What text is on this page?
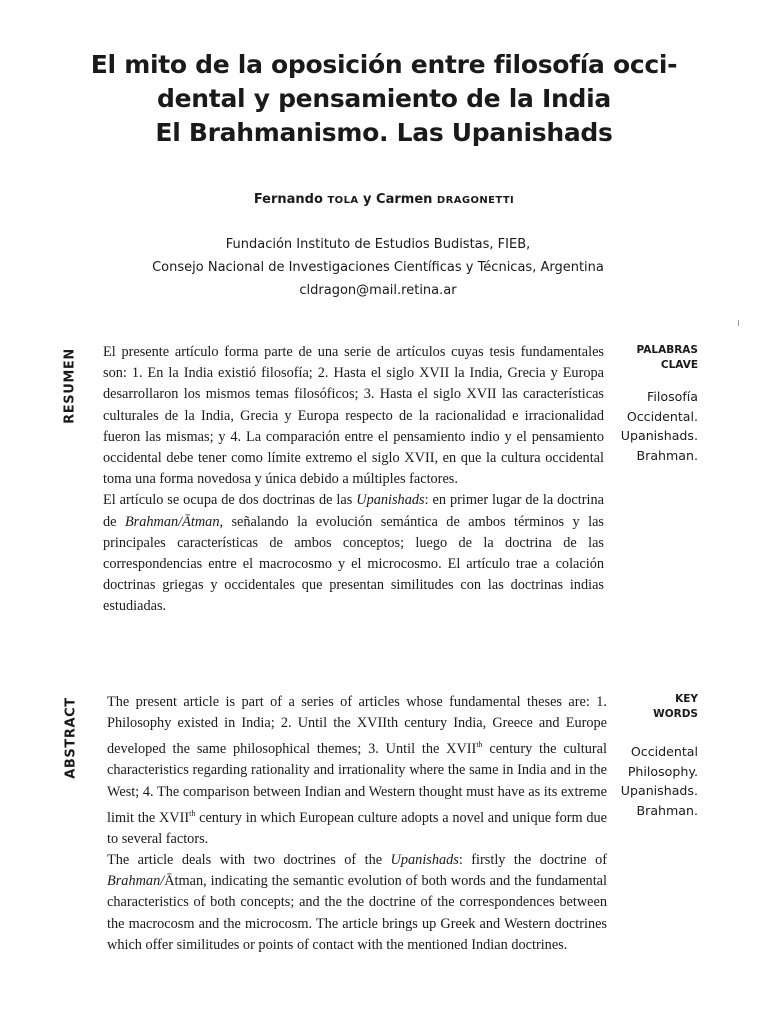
El mito de la oposición entre filosofía occi-
dental y pensamiento de la India
El Brahmanismo. Las Upanishads
Fernando TOLA y Carmen DRAGONETTI
Fundación Instituto de Estudios Budistas, FIEB,
Consejo Nacional de Investigaciones Científicas y Técnicas, Argentina
cldragon@mail.retina.ar
RESUMEN El presente artículo forma parte de una serie de artículos cuyas tesis fundamentales son: 1. En la India existió filosofía; 2. Hasta el siglo XVII la India, Grecia y Europa desarrollaron los mismos temas filosóficos; 3. Hasta el siglo XVII las características culturales de la India, Grecia y Europa respecto de la racionalidad e irracionalidad fueron las mismas; y 4. La comparación entre el pensamiento indio y el pensamiento occidental debe tener como límite extremo el siglo XVII, en que la cultura occidental toma una forma novedosa y única debido a múltiples factores.

El artículo se ocupa de dos doctrinas de las Upanishads: en primer lugar de la doctrina de Brahman/Ātman, señalando la evolución semántica de ambos términos y las principales características de ambos conceptos; luego de la doctrina de las correspondencias entre el macrocosmo y el microcosmo. El artículo trae a colación doctrinas griegas y occidentales que presentan similitudes con las doctrinas indias estudiadas.

PALABRAS
CLAVE
Filosofía
Occidental.
Upanishads.
Brahman.
ABSTRACT The present article is part of a series of articles whose fundamental theses are: 1. Philosophy existed in India; 2. Until the XVIIth century India, Greece and Europe developed the same philosophical themes; 3. Until the XVIIth century the cultural characteristics regarding rationality and irrationality where the same in India and in the West; 4. The comparison between Indian and Western thought must have as its extreme limit the XVIIth century in which European culture adopts a novel and unique form due to several factors.

The article deals with two doctrines of the Upanishads: firstly the doctrine of Brahman/Ātman, indicating the semantic evolution of both words and the fundamental characteristics of both concepts; and the the doctrine of the correspondences between the macrocosm and the microcosm. The article brings up Greek and Western doctrines which offer similitudes or points of contact with the mentioned Indian doctrines.

KEY
WORDS
Occidental
Philosophy.
Upanishads.
Brahman.
